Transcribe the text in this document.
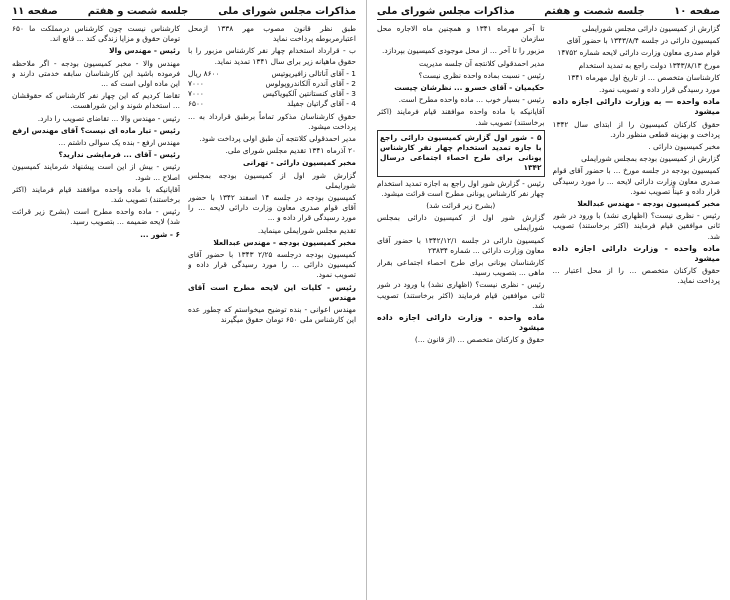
صفحه ۱۰
جلسه شصت و هفتم
مذاکرات مجلس شورای ملی

گزارش از کمیسیون دارائی مجلس شورایملی

کمیسیون دارائی در جلسه ۱۳۴۳/۸/۴ با حضور آقای

قوام صدری معاون وزارت دارائی لایحه شماره ۱۴۷۵۲

مورخ ۱۳۴۳/۸/۱۳ دولت راجع به تمدید استخدام

کارشناسان متخصص ... از تاریخ اول مهرماه ۱۳۴۱

مورد رسیدگی قرار داده و تصویب نمود.

ماده واحده — به وزارت دارائی اجازه داده میشود

حقوق کارکنان کمیسیون را از ابتدای سال ۱۳۴۲ پرداخت و بهزینه قطعی منظور دارد.

مخبر کمیسیون دارائی .

گزارش از کمیسیون بودجه بمجلس شورایملی

کمیسیون بودجه در جلسه مورخ ... با حضور آقای قوام صدری معاون وزارت دارائی لایحه ... را مورد رسیدگی قرار داده و عیناً تصویب نمود.

مخبر کمیسیون بودجه - مهندس عبدالعلا

رئیس - نظری نیست؟ (اظهاری نشد) با ورود در شور ثانی موافقین قیام فرمایند (اکثر برخاستند) تصویب شد.

ماده واحده - وزارت دارائی اجازه داده میشود

حقوق کارکنان متخصص ... را از محل اعتبار ... پرداخت نماید.

تا آخر مهرماه ۱۳۴۱ و همچنین ماه الاجاره محل سازمان

مزبور را تا آخر ... از محل موجودی کمیسیون بپردازد.

مدیر احمدقولی کلانتجه آن جلسه مدیریت

رئیس - نسبت بماده واحده نظری نیست؟

حکیمیان - آقای خسرو ... نظرشان چیست

رئیس - بسیار خوب ... ماده واحده مطرح است.

آقایانیکه با ماده واحده موافقند قیام فرمایند (اکثر برخاستند) تصویب شد.

۵ - شور اول گزارش کمیسیون دارائی راجع با جازه تمدید استخدام چهار نفر کارشناس یونانی برای طرح احصاء اجتماعی درسال ۱۳۴۲

رئیس - گزارش شور اول راجع به اجازه تمدید استخدام چهار نفر کارشناس یونانی مطرح است قرائت میشود.

(بشرح زیر قرائت شد)

گزارش شور اول از کمیسیون دارائی بمجلس شورایملی

کمیسیون دارائی در جلسه ۱۳۴۲/۱۲/۱ با حضور آقای معاون وزارت دارائی ... شماره ۲۳۸۳۴

کارشناسان یونانی برای طرح احصاء اجتماعی بقرار ماهی ... بتصویب رسید.

رئیس - نظری نیست؟ (اظهاری نشد) با ورود در شور ثانی موافقین قیام فرمایند (اکثر برخاستند) تصویب شد.

ماده واحده - وزارت دارائی اجازه داده میشود

حقوق و کارکنان متخصص ... (از قانون ...)

مذاکرات مجلس شورای ملی
جلسه شصت و هفتم
صفحه ۱۱

طبق نظر قانون مصوب مهر ۱۳۳۸ ازمحل اعتبارمربوطه پرداخت نماید

ب - قرارداد استخدام چهار نفر کارشناس مزبور را با حقوق ماهیانه زیر برای سال ۱۳۴۱ تمدید نماید.

1 - آقای آناتالی زافیریوتیس
۸۶۰۰ ریال
2 - آقای آندره آلکاندروپولوس
۷۰۰۰
3 - آقای کنستانتین آلکیویاکیس
۷۰۰۰
4 - آقای گراتیان جفیلد
۶۵۰۰

حقوق کارشناسان مذکور تماماً برطبق قرارداد به ... پرداخت میشود.

مدیر احمدقولی کلانتجه آن طبق اولی پرداخت شود.

۲۰ آذرماه ۱۳۴۱ تقدیم مجلس شورای ملی.

مخبر کمیسیون دارائی - تهرانی

گزارش شور اول از کمیسیون بودجه بمجلس شورایملی

کمیسیون بودجه در جلسه ۱۴ اسفند ۱۳۴۲ با حضور آقای قوام صدری معاون وزارت دارائی لایحه ... را مورد رسیدگی قرار داده و ...

تقدیم مجلس شورایملی مینماید.

مخبر کمیسیون بودجه - مهندس عبدالعلا

کمیسیون بودجه درجلسه ۲/۲۵ ۱۳۴۳ با حضور آقای کمیسیون دارائی ... را مورد رسیدگی قرار داده و تصویب نمود.

رئیس - کلیات این لایحه مطرح است آقای مهندس

مهندس اعوانی - بنده توضیح میخواستم که چطور عده این کارشناس ملی ۶۵۰ تومان حقوق میگیرند

کارشناس نیست چون کارشناس درمملکت ما ۶۵۰ تومان حقوق و مزایا زندگی کند ... قانع اند.

رئیس - مهندس والا

مهندس والا - مخبر کمیسیون بودجه - اگر ملاحظه فرموده باشید این کارشناسان سابقه خدمتی دارند و این ماده اولی است که ...

تقاضا کردیم که این چهار نفر کارشناس که حقوقشان ... استخدام شوند و این شوراهست.

رئیس - مهندس والا ... تقاضای تصویب را دارد.

رئیس - تبار ماده ای نیست؟ آقای مهندس ارفع

مهندس ارفع - بنده یک سوالی داشتم ...

رئیس - آقای ... فرمایشی ندارید؟

رئیس - بیش از این است پیشنهاد شرمایند کمیسیون اصلاح ... شود.

آقایانیکه با ماده واحده موافقند قیام فرمایند (اکثر برخاستند) تصویب شد.

رئیس - ماده واحده مطرح است (بشرح زیر قرائت شد) لایحه ضمیمه ... بتصویب رسید.

۶ - شور ...
